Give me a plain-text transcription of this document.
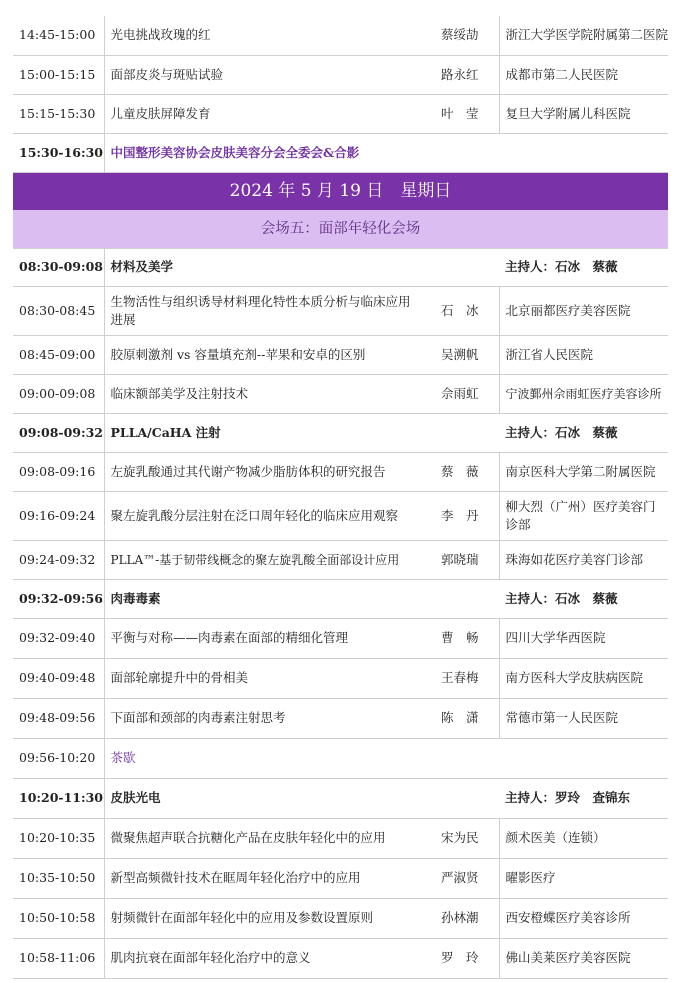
14:45-15:00	光电挑战玫瑰的红	蔡绥劼	浙江大学医学院附属第二医院
15:00-15:15	面部皮炎与斑贴试验	路永红	成都市第二人民医院
15:15-15:30	儿童皮肤屏障发育	叶　莹	复旦大学附属儿科医院
15:30-16:30	中国整形美容协会皮肤美容分会全委会&合影		
2024 年 5 月 19 日　星期日			
会场五：面部年轻化会场			
08:30-09:08	材料及美学		主持人：石冰　蔡薇
08:30-08:45	生物活性与组织诱导材料理化特性本质分析与临床应用进展	石　冰	北京丽都医疗美容医院
08:45-09:00	胶原刺激剂 vs 容量填充剂--苹果和安卓的区别	吴溯帆	浙江省人民医院
09:00-09:08	临床额部美学及注射技术	佘雨虹	宁波鄞州佘雨虹医疗美容诊所
09:08-09:32	PLLA/CaHA 注射		主持人：石冰　蔡薇
09:08-09:16	左旋乳酸通过其代谢产物减少脂肪体积的研究报告	蔡　薇	南京医科大学第二附属医院
09:16-09:24	聚左旋乳酸分层注射在泛口周年轻化的临床应用观察	李　丹	柳大烈（广州）医疗美容门诊部
09:24-09:32	PLLA™-基于韧带线概念的聚左旋乳酸全面部设计应用	郭晓瑞	珠海如花医疗美容门诊部
09:32-09:56	肉毒毒素		主持人：石冰　蔡薇
09:32-09:40	平衡与对称——肉毒素在面部的精细化管理	曹　畅	四川大学华西医院
09:40-09:48	面部轮廓提升中的骨相美	王春梅	南方医科大学皮肤病医院
09:48-09:56	下面部和颈部的肉毒素注射思考	陈　潇	常德市第一人民医院
09:56-10:20	茶歇		
10:20-11:30	皮肤光电		主持人：罗玲　查锦东
10:20-10:35	微聚焦超声联合抗糖化产品在皮肤年轻化中的应用	宋为民	颜术医美（连锁）
10:35-10:50	新型高频微针技术在眶周年轻化治疗中的应用	严淑贤	曜影医疗
10:50-10:58	射频微针在面部年轻化中的应用及参数设置原则	孙林潮	西安橙蝶医疗美容诊所
10:58-11:06	肌肉抗衰在面部年轻化治疗中的意义	罗　玲	佛山美莱医疗美容医院
